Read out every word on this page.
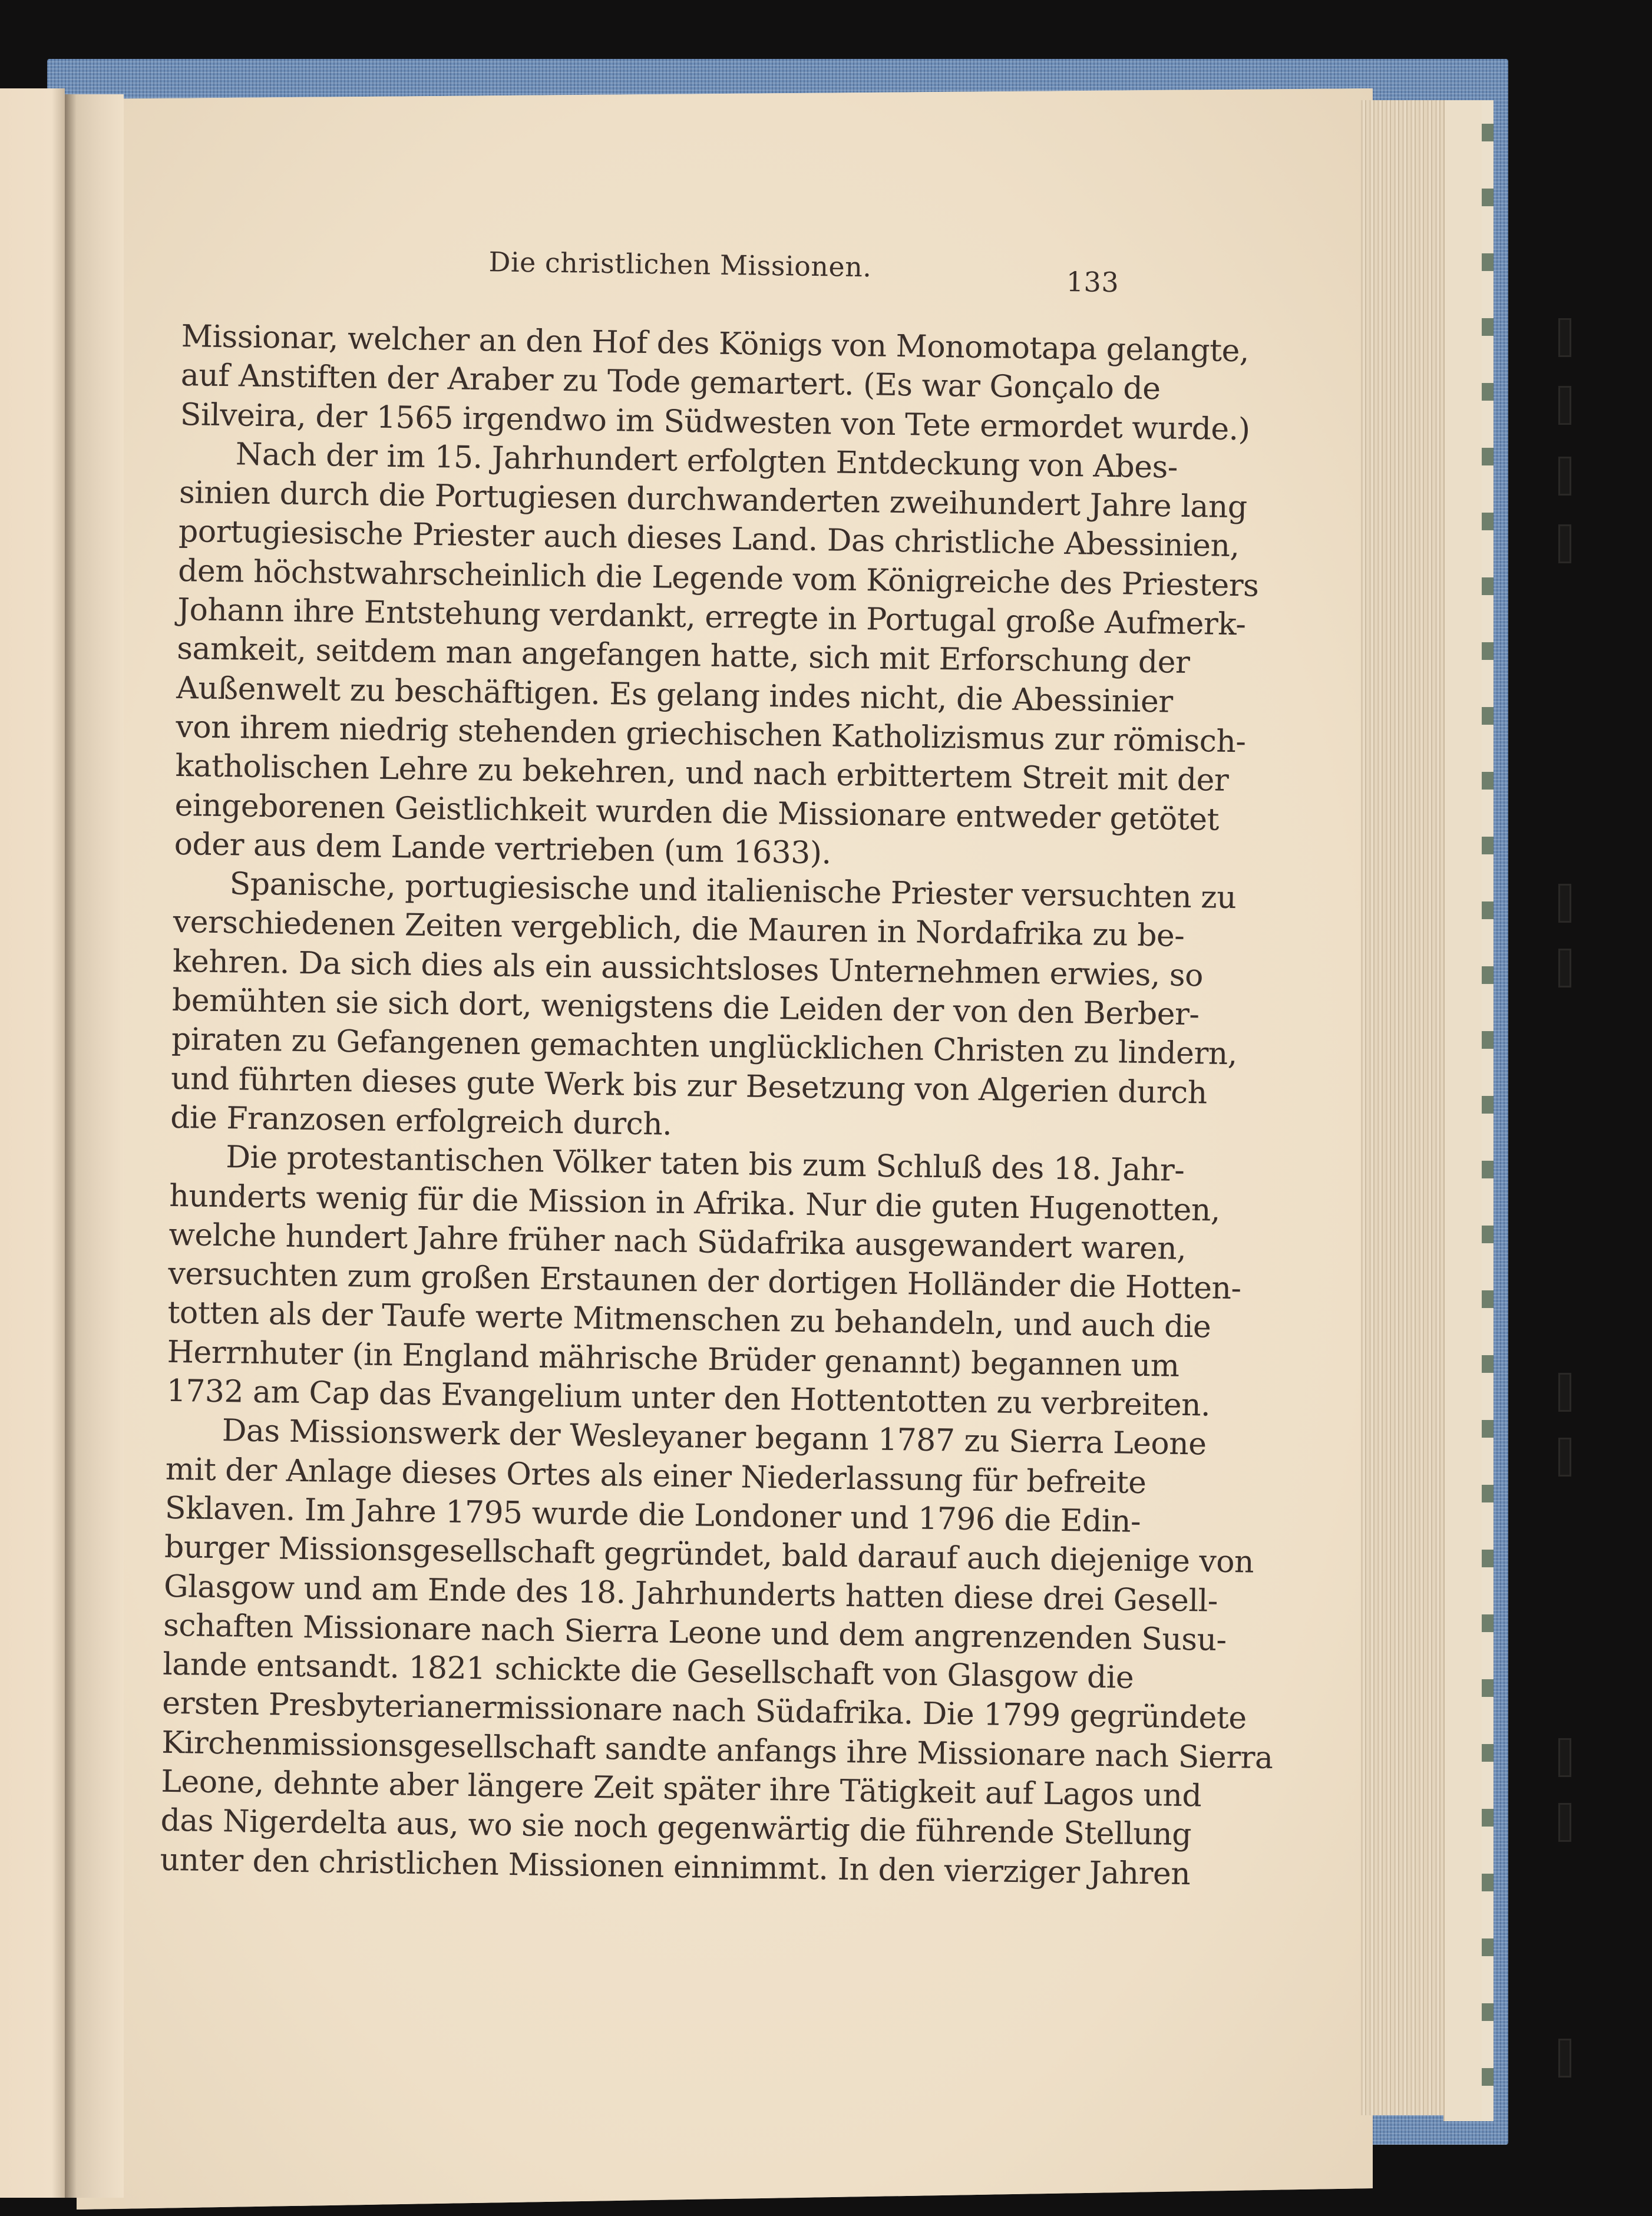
Die christlichen Missionen.	133
Missionar, welcher an den Hof des Königs von Monomotapa gelangte,
auf Anstiften der Araber zu Tode gemartert. (Es war Gonçalo de
Silveira, der 1565 irgendwo im Südwesten von Tete ermordet wurde.)
Nach der im 15. Jahrhundert erfolgten Entdeckung von Abes-
sinien durch die Portugiesen durchwanderten zweihundert Jahre lang
portugiesische Priester auch dieses Land. Das christliche Abessinien,
dem höchstwahrscheinlich die Legende vom Königreiche des Priesters
Johann ihre Entstehung verdankt, erregte in Portugal große Aufmerk-
samkeit, seitdem man angefangen hatte, sich mit Erforschung der
Außenwelt zu beschäftigen. Es gelang indes nicht, die Abessinier
von ihrem niedrig stehenden griechischen Katholizismus zur römisch-
katholischen Lehre zu bekehren, und nach erbittertem Streit mit der
eingeborenen Geistlichkeit wurden die Missionare entweder getötet
oder aus dem Lande vertrieben (um 1633).
Spanische, portugiesische und italienische Priester versuchten zu
verschiedenen Zeiten vergeblich, die Mauren in Nordafrika zu be-
kehren. Da sich dies als ein aussichtsloses Unternehmen erwies, so
bemühten sie sich dort, wenigstens die Leiden der von den Berber-
piraten zu Gefangenen gemachten unglücklichen Christen zu lindern,
und führten dieses gute Werk bis zur Besetzung von Algerien durch
die Franzosen erfolgreich durch.
Die protestantischen Völker taten bis zum Schluß des 18. Jahr-
hunderts wenig für die Mission in Afrika. Nur die guten Hugenotten,
welche hundert Jahre früher nach Südafrika ausgewandert waren,
versuchten zum großen Erstaunen der dortigen Holländer die Hotten-
totten als der Taufe werte Mitmenschen zu behandeln, und auch die
Herrnhuter (in England mährische Brüder genannt) begannen um
1732 am Cap das Evangelium unter den Hottentotten zu verbreiten.
Das Missionswerk der Wesleyaner begann 1787 zu Sierra Leone
mit der Anlage dieses Ortes als einer Niederlassung für befreite
Sklaven. Im Jahre 1795 wurde die Londoner und 1796 die Edin-
burger Missionsgesellschaft gegründet, bald darauf auch diejenige von
Glasgow und am Ende des 18. Jahrhunderts hatten diese drei Gesell-
schaften Missionare nach Sierra Leone und dem angrenzenden Susu-
lande entsandt. 1821 schickte die Gesellschaft von Glasgow die
ersten Presbyterianermissionare nach Südafrika. Die 1799 gegründete
Kirchenmissionsgesellschaft sandte anfangs ihre Missionare nach Sierra
Leone, dehnte aber längere Zeit später ihre Tätigkeit auf Lagos und
das Nigerdelta aus, wo sie noch gegenwärtig die führende Stellung
unter den christlichen Missionen einnimmt. In den vierziger Jahren
